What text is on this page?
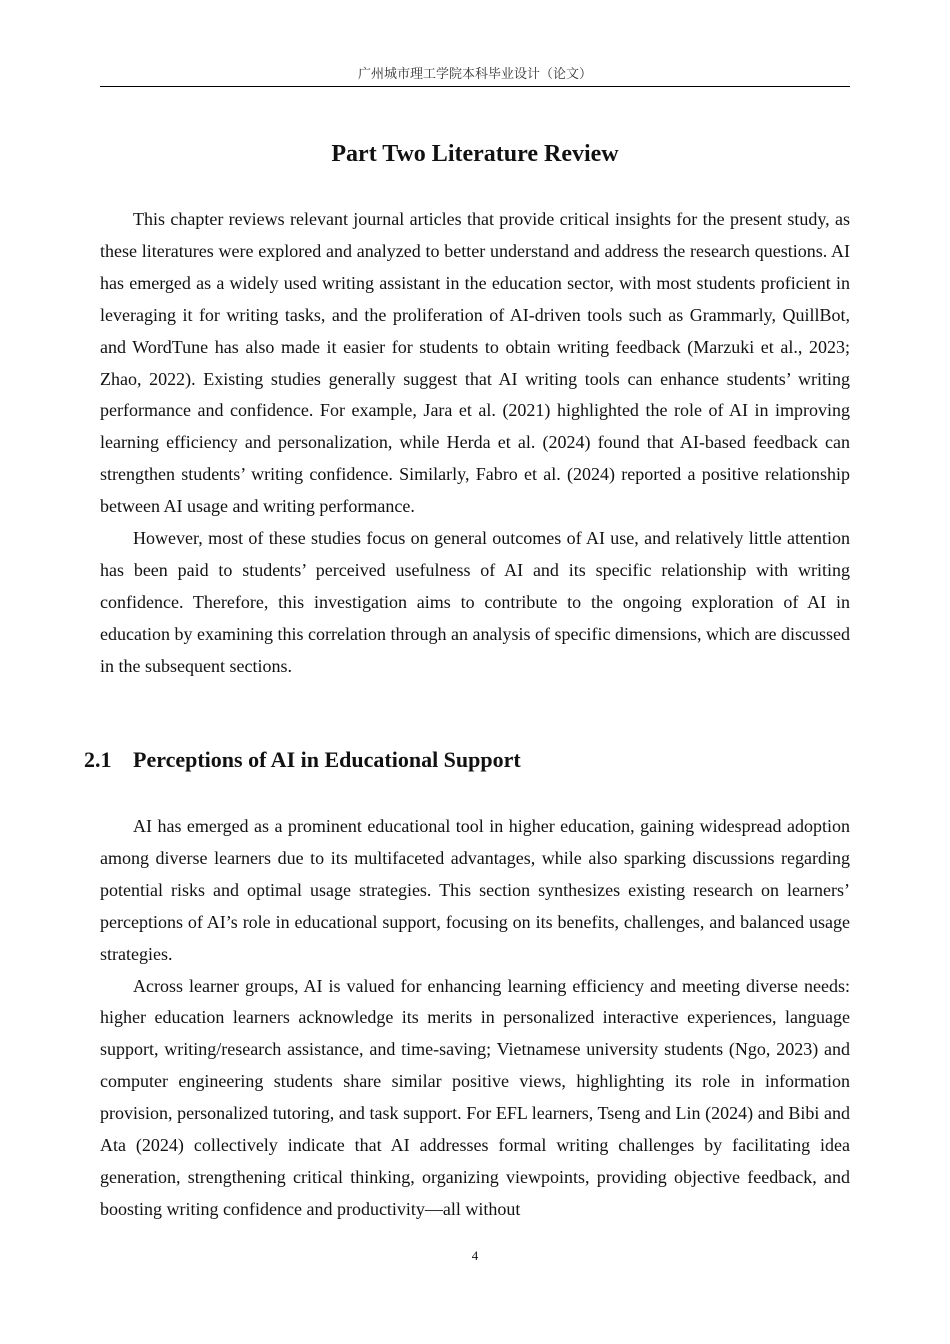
广州城市理工学院本科毕业设计（论文）
Part Two Literature Review

This chapter reviews relevant journal articles that provide critical insights for the present study, as these literatures were explored and analyzed to better understand and address the research questions. AI has emerged as a widely used writing assistant in the education sector, with most students proficient in leveraging it for writing tasks, and the proliferation of AI-driven tools such as Grammarly, QuillBot, and WordTune has also made it easier for students to obtain writing feedback (Marzuki et al., 2023; Zhao, 2022). Existing studies generally suggest that AI writing tools can enhance students’ writing performance and confidence. For example, Jara et al. (2021) highlighted the role of AI in improving learning efficiency and personalization, while Herda et al. (2024) found that AI-based feedback can strengthen students’ writing confidence. Similarly, Fabro et al. (2024) reported a positive relationship between AI usage and writing performance.

However, most of these studies focus on general outcomes of AI use, and relatively little attention has been paid to students’ perceived usefulness of AI and its specific relationship with writing confidence. Therefore, this investigation aims to contribute to the ongoing exploration of AI in education by examining this correlation through an analysis of specific dimensions, which are discussed in the subsequent sections.

2.1 Perceptions of AI in Educational Support

AI has emerged as a prominent educational tool in higher education, gaining widespread adoption among diverse learners due to its multifaceted advantages, while also sparking discussions regarding potential risks and optimal usage strategies. This section synthesizes existing research on learners’ perceptions of AI’s role in educational support, focusing on its benefits, challenges, and balanced usage strategies.

Across learner groups, AI is valued for enhancing learning efficiency and meeting diverse needs: higher education learners acknowledge its merits in personalized interactive experiences, language support, writing/research assistance, and time-saving; Vietnamese university students (Ngo, 2023) and computer engineering students share similar positive views, highlighting its role in information provision, personalized tutoring, and task support. For EFL learners, Tseng and Lin (2024) and Bibi and Ata (2024) collectively indicate that AI addresses formal writing challenges by facilitating idea generation, strengthening critical thinking, organizing viewpoints, providing objective feedback, and boosting writing confidence and productivity—all without

4
